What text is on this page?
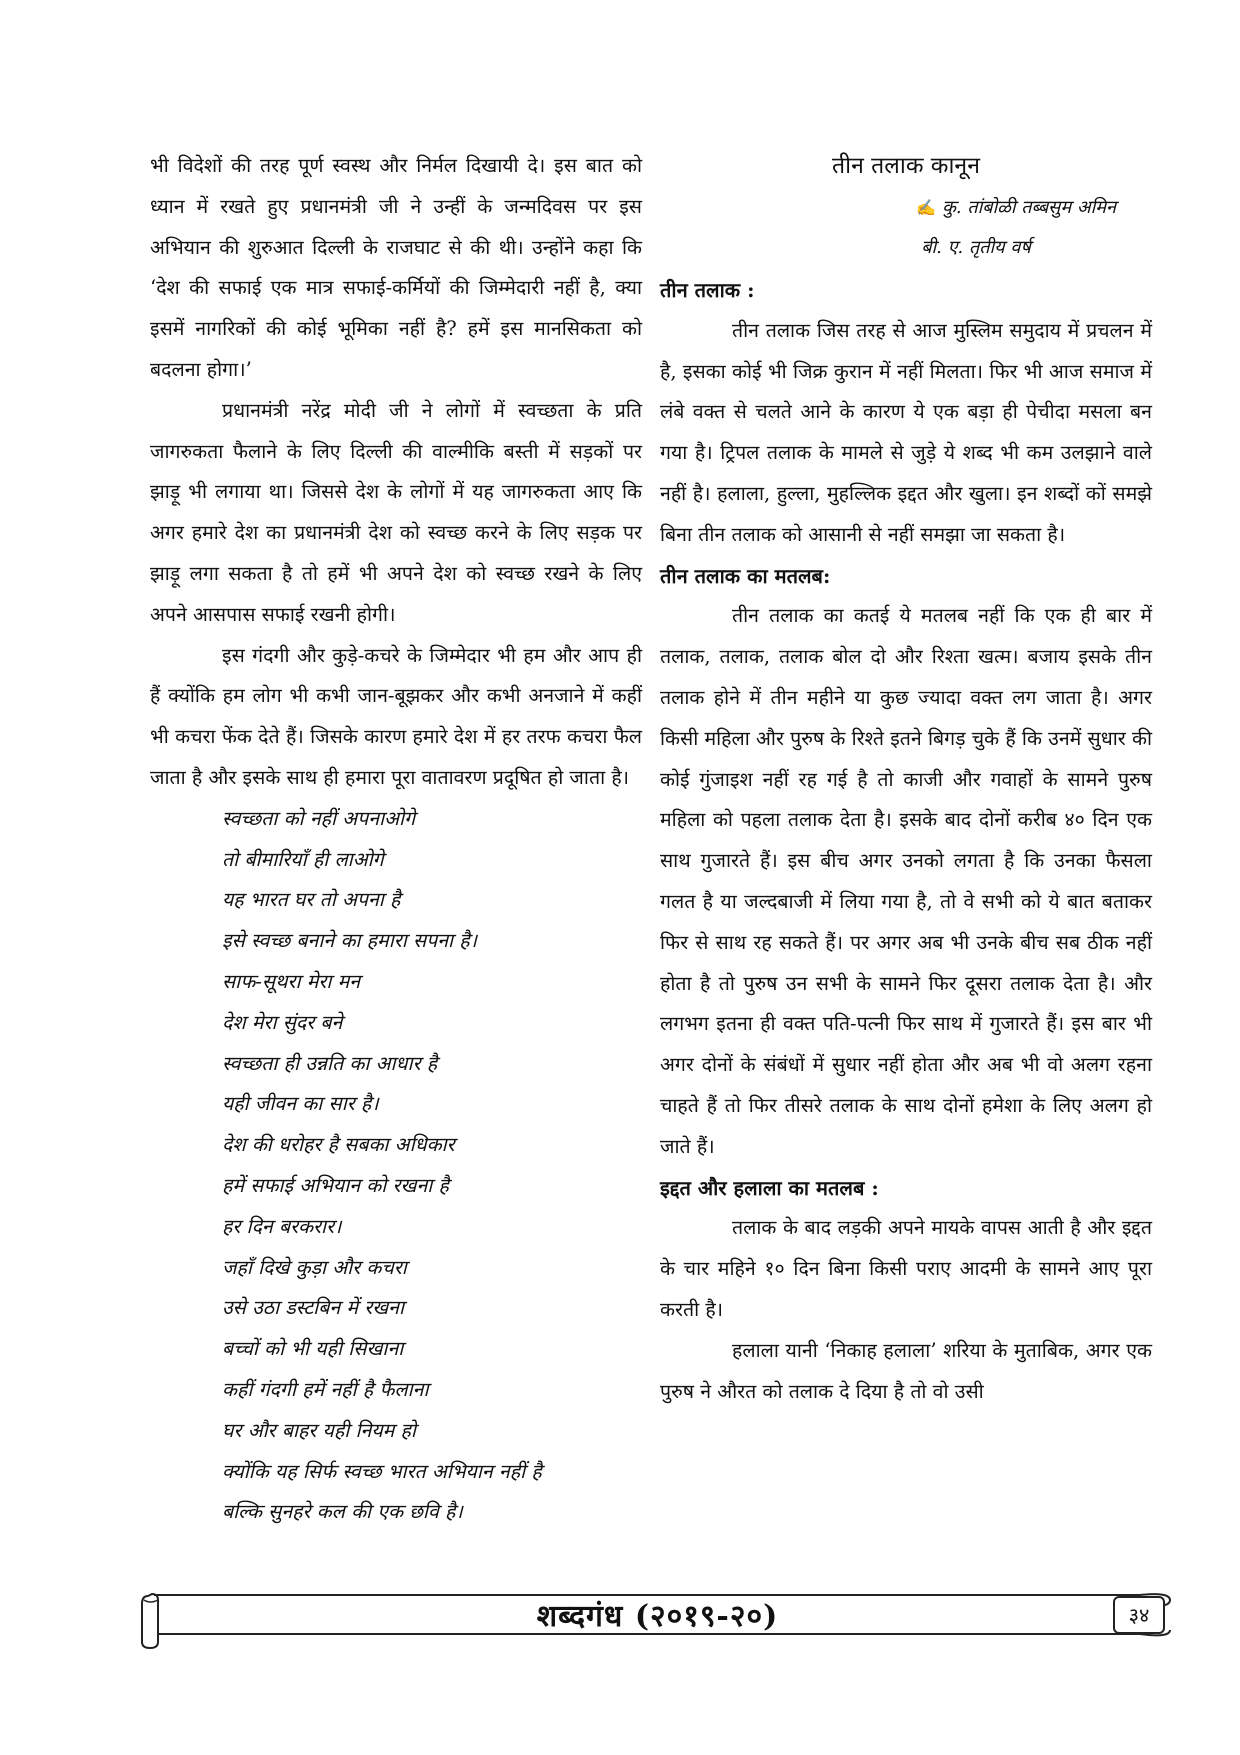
भी विदेशों की तरह पूर्ण स्वस्थ और निर्मल दिखायी दे। इस बात को ध्यान में रखते हुए प्रधानमंत्री जी ने उन्हीं के जन्मदिवस पर इस अभियान की शुरुआत दिल्ली के राजघाट से की थी। उन्होंने कहा कि ‘देश की सफाई एक मात्र सफाई-कर्मियों की जिम्मेदारी नहीं है, क्या इसमें नागरिकों की कोई भूमिका नहीं है? हमें इस मानसिकता को बदलना होगा।’

प्रधानमंत्री नरेंद्र मोदी जी ने लोगों में स्वच्छता के प्रति जागरुकता फैलाने के लिए दिल्ली की वाल्मीकि बस्ती में सड़कों पर झाड़ू भी लगाया था। जिससे देश के लोगों में यह जागरुकता आए कि अगर हमारे देश का प्रधानमंत्री देश को स्वच्छ करने के लिए सड़क पर झाड़ू लगा सकता है तो हमें भी अपने देश को स्वच्छ रखने के लिए अपने आसपास सफाई रखनी होगी।

इस गंदगी और कुड़े-कचरे के जिम्मेदार भी हम और आप ही हैं क्योंकि हम लोग भी कभी जान-बूझकर और कभी अनजाने में कहीं भी कचरा फेंक देते हैं। जिसके कारण हमारे देश में हर तरफ कचरा फैल जाता है और इसके साथ ही हमारा पूरा वातावरण प्रदूषित हो जाता है।

स्वच्छता को नहीं अपनाओगे
तो बीमारियाँ ही लाओगे
यह भारत घर तो अपना है
इसे स्वच्छ बनाने का हमारा सपना है।
साफ-सूथरा मेरा मन
देश मेरा सुंदर बने
स्वच्छता ही उन्नति का आधार है
यही जीवन का सार है।
देश की धरोहर है सबका अधिकार
हमें सफाई अभियान को रखना है
हर दिन बरकरार।
जहाँ दिखे कुड़ा और कचरा
उसे उठा डस्टबिन में रखना
बच्चों को भी यही सिखाना
कहीं गंदगी हमें नहीं है फैलाना
घर और बाहर यही नियम हो
क्योंकि यह सिर्फ स्वच्छ भारत अभियान नहीं है
बल्कि सुनहरे कल की एक छवि है।
तीन तलाक कानून
✍ कु. तांबोळी तब्बसुम अमिन
बी. ए. तृतीय वर्ष
तीन तलाक :

तीन तलाक जिस तरह से आज मुस्लिम समुदाय में प्रचलन में है, इसका कोई भी जिक्र कुरान में नहीं मिलता। फिर भी आज समाज में लंबे वक्त से चलते आने के कारण ये एक बड़ा ही पेचीदा मसला बन गया है। ट्रिपल तलाक के मामले से जुड़े ये शब्द भी कम उलझाने वाले नहीं है। हलाला, हुल्ला, मुहल्लिक इद्दत और खुला। इन शब्दों कों समझे बिना तीन तलाक को आसानी से नहीं समझा जा सकता है।

तीन तलाक का मतलब:

तीन तलाक का कतई ये मतलब नहीं कि एक ही बार में तलाक, तलाक, तलाक बोल दो और रिश्ता खत्म। बजाय इसके तीन तलाक होने में तीन महीने या कुछ ज्यादा वक्त लग जाता है। अगर किसी महिला और पुरुष के रिश्ते इतने बिगड़ चुके हैं कि उनमें सुधार की कोई गुंजाइश नहीं रह गई है तो काजी और गवाहों के सामने पुरुष महिला को पहला तलाक देता है। इसके बाद दोनों करीब ४० दिन एक साथ गुजारते हैं। इस बीच अगर उनको लगता है कि उनका फैसला गलत है या जल्दबाजी में लिया गया है, तो वे सभी को ये बात बताकर फिर से साथ रह सकते हैं। पर अगर अब भी उनके बीच सब ठीक नहीं होता है तो पुरुष उन सभी के सामने फिर दूसरा तलाक देता है। और लगभग इतना ही वक्त पति-पत्नी फिर साथ में गुजारते हैं। इस बार भी अगर दोनों के संबंधों में सुधार नहीं होता और अब भी वो अलग रहना चाहते हैं तो फिर तीसरे तलाक के साथ दोनों हमेशा के लिए अलग हो जाते हैं।

इद्दत और हलाला का मतलब :

तलाक के बाद लड़की अपने मायके वापस आती है और इद्दत के चार महिने १० दिन बिना किसी पराए आदमी के सामने आए पूरा करती है।

हलाला यानी ‘निकाह हलाला’ शरिया के मुताबिक, अगर एक पुरुष ने औरत को तलाक दे दिया है तो वो उसी

शब्दगंध (२०१९-२०)	३४
